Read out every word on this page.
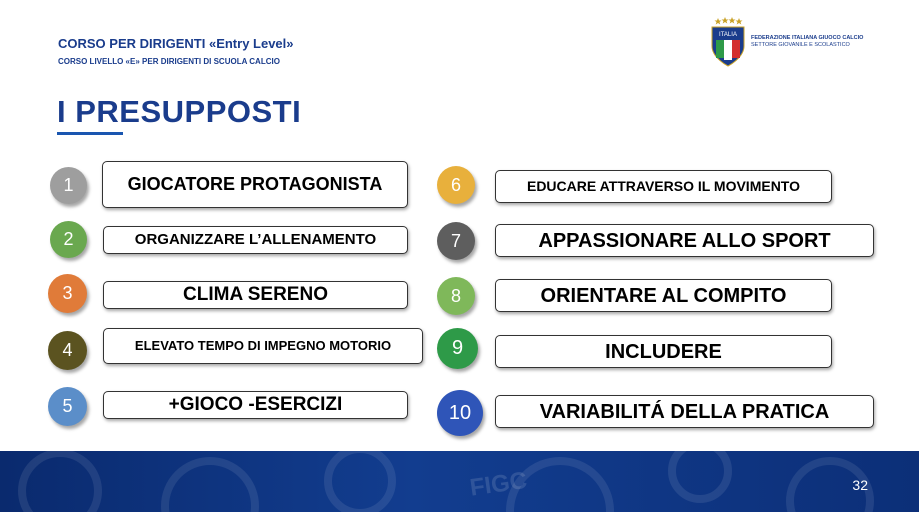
CORSO PER DIRIGENTI «Entry Level»
CORSO LIVELLO «E» PER DIRIGENTI DI SCUOLA CALCIO
ITALIA	FEDERAZIONE ITALIANA GIUOCO CALCIO
SETTORE GIOVANILE E SCOLASTICO
I PRESUPPOSTI
1	GIOCATORE PROTAGONISTA
2	ORGANIZZARE L’ALLENAMENTO
3	CLIMA SERENO
4	ELEVATO TEMPO DI IMPEGNO MOTORIO
5	+GIOCO -ESERCIZI
6	EDUCARE ATTRAVERSO IL MOVIMENTO
7	APPASSIONARE ALLO SPORT
8	ORIENTARE AL COMPITO
9	INCLUDERE
10	VARIABILITÁ DELLA PRATICA
FIGC	32
